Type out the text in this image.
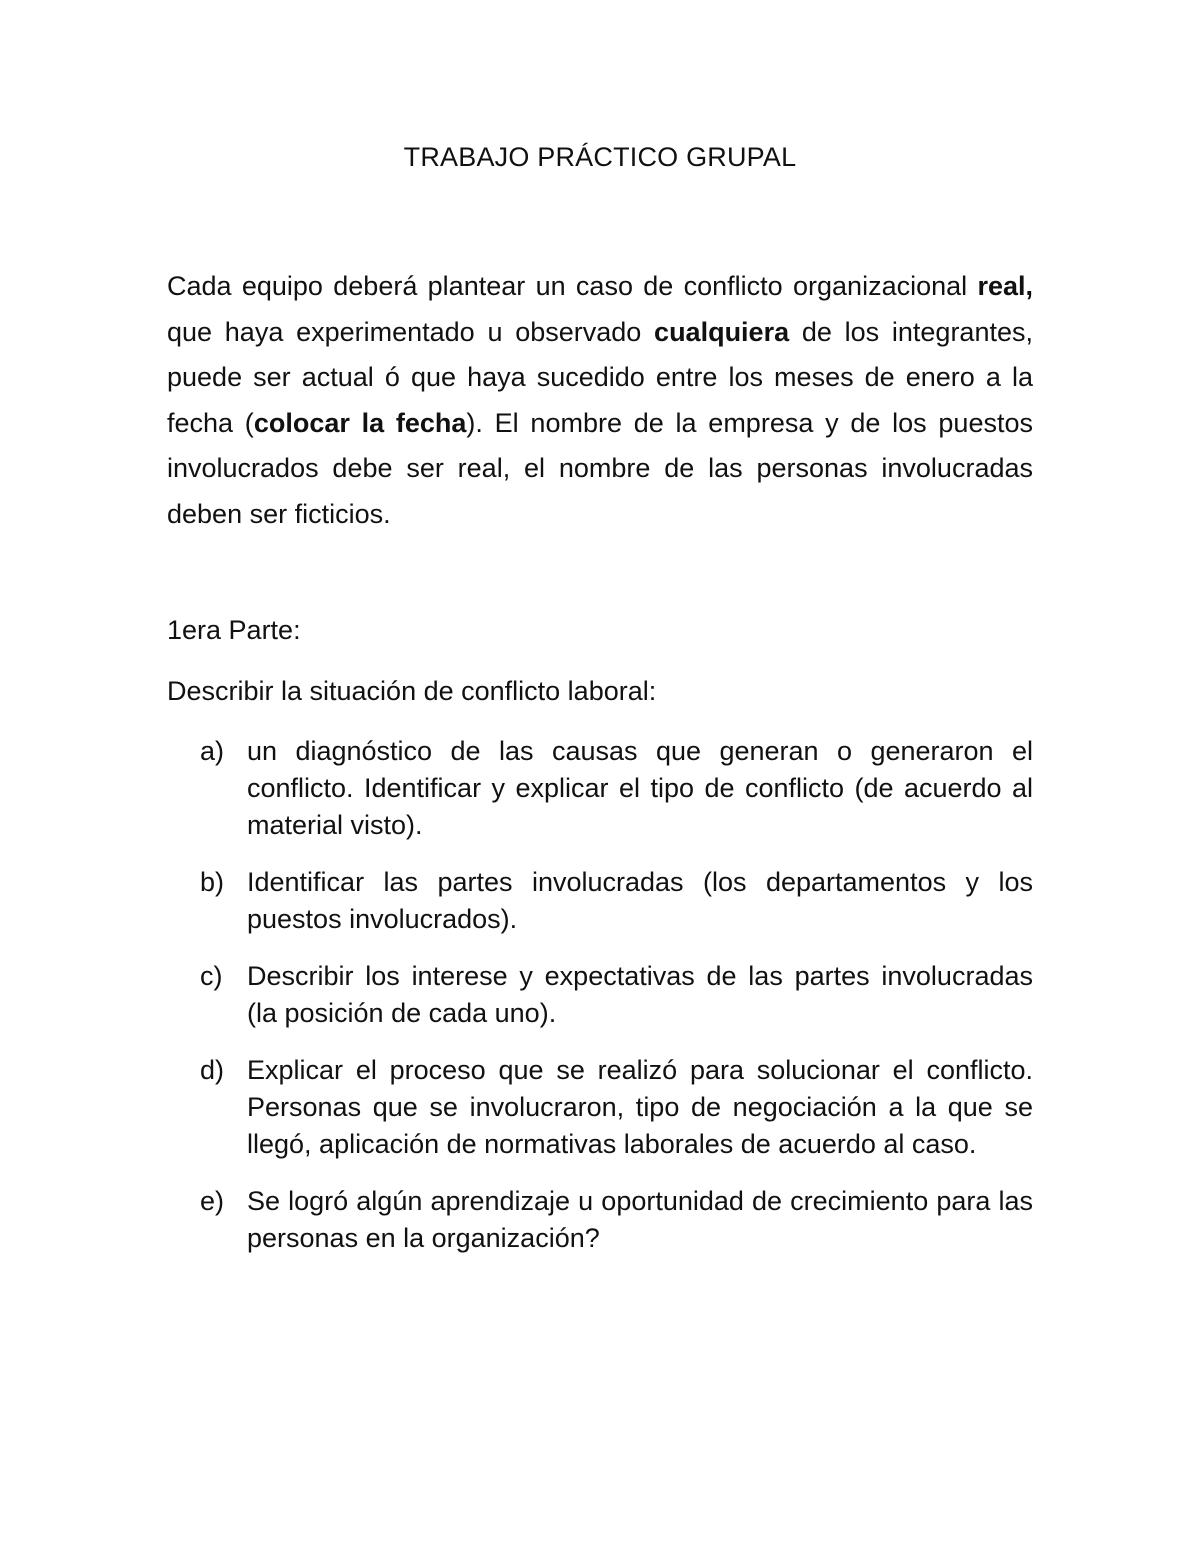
TRABAJO PRÁCTICO GRUPAL

Cada equipo deberá plantear un caso de conflicto organizacional real, que haya experimentado u observado cualquiera de los integrantes, puede ser actual ó que haya sucedido entre los meses de enero a la fecha (colocar la fecha). El nombre de la empresa y de los puestos involucrados debe ser real, el nombre de las personas involucradas deben ser ficticios.

1era Parte:

Describir la situación de conflicto laboral:

a) un diagnóstico de las causas que generan o generaron el conflicto. Identificar y explicar el tipo de conflicto (de acuerdo al material visto).
b) Identificar las partes involucradas (los departamentos y los puestos involucrados).
c) Describir los interese y expectativas de las partes involucradas (la posición de cada uno).
d) Explicar el proceso que se realizó para solucionar el conflicto. Personas que se involucraron, tipo de negociación a la que se llegó, aplicación de normativas laborales de acuerdo al caso.
e) Se logró algún aprendizaje u oportunidad de crecimiento para las personas en la organización?
